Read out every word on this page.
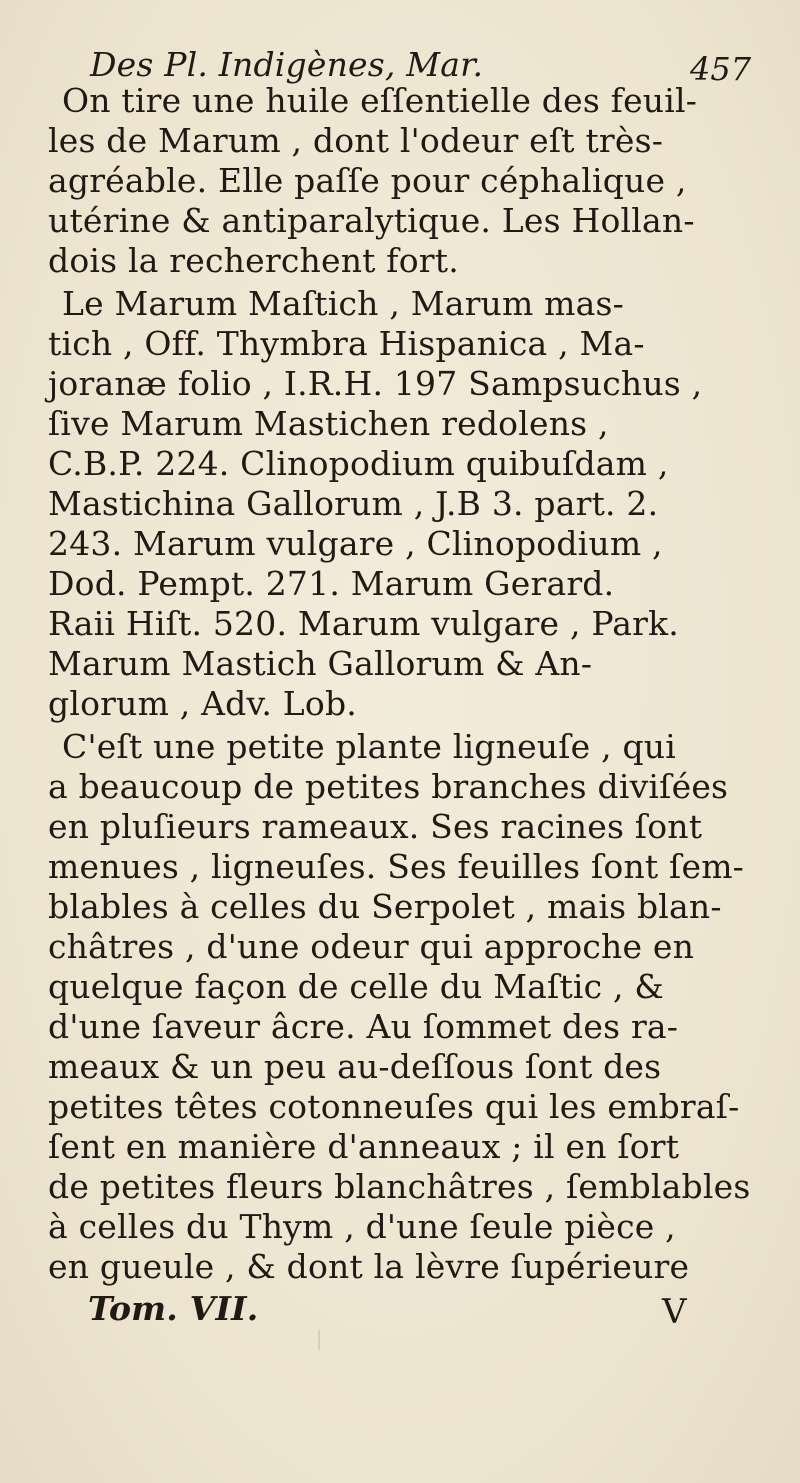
Des Pl. Indigènes, Mar.	457
On tire une huile eſſentielle des feuil-
les de Marum , dont l'odeur eſt très-
agréable. Elle paſſe pour céphalique ,
utérine & antiparalytique. Les Hollan-
dois la recherchent fort.
Le Marum Maſtich , Marum mas-
tich , Off. Thymbra Hispanica , Ma-
joranæ folio , I.R.H. 197 Sampsuchus ,
ſive Marum Mastichen redolens ,
C.B.P. 224. Clinopodium quibuſdam ,
Mastichina Gallorum , J.B 3. part. 2.
243. Marum vulgare , Clinopodium ,
Dod. Pempt. 271. Marum Gerard.
Raii Hiſt. 520. Marum vulgare , Park.
Marum Mastich Gallorum & An-
glorum , Adv. Lob.
C'eſt une petite plante ligneuſe , qui
a beaucoup de petites branches diviſées
en pluſieurs rameaux. Ses racines ſont
menues , ligneuſes. Ses feuilles ſont ſem-
blables à celles du Serpolet , mais blan-
châtres , d'une odeur qui approche en
quelque façon de celle du Maſtic , &
d'une ſaveur âcre. Au ſommet des ra-
meaux & un peu au-deſſous ſont des
petites têtes cotonneuſes qui les embraſ-
ſent en manière d'anneaux ; il en ſort
de petites fleurs blanchâtres , ſemblables
à celles du Thym , d'une ſeule pièce ,
en gueule , & dont la lèvre ſupérieure
Tom. VII.	V
